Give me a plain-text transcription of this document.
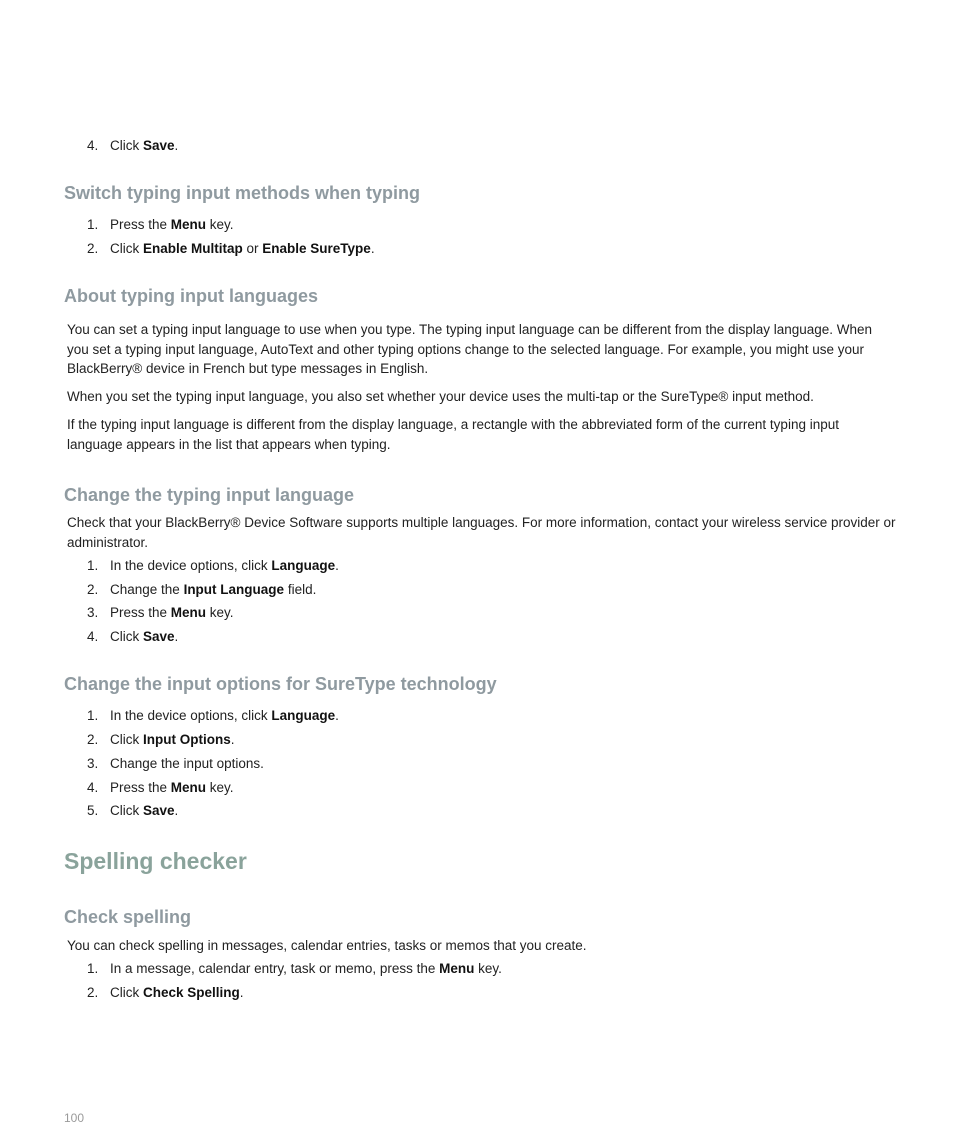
4. Click Save.
Switch typing input methods when typing
1. Press the Menu key.
2. Click Enable Multitap or Enable SureType.
About typing input languages

You can set a typing input language to use when you type. The typing input language can be different from the display language. When you set a typing input language, AutoText and other typing options change to the selected language. For example, you might use your BlackBerry® device in French but type messages in English.

When you set the typing input language, you also set whether your device uses the multi-tap or the SureType® input method.

If the typing input language is different from the display language, a rectangle with the abbreviated form of the current typing input language appears in the list that appears when typing.

Change the typing input language

Check that your BlackBerry® Device Software supports multiple languages. For more information, contact your wireless service provider or administrator.

1. In the device options, click Language.
2. Change the Input Language field.
3. Press the Menu key.
4. Click Save.
Change the input options for SureType technology
1. In the device options, click Language.
2. Click Input Options.
3. Change the input options.
4. Press the Menu key.
5. Click Save.
Spelling checker
Check spelling

You can check spelling in messages, calendar entries, tasks or memos that you create.

1. In a message, calendar entry, task or memo, press the Menu key.
2. Click Check Spelling.
100
